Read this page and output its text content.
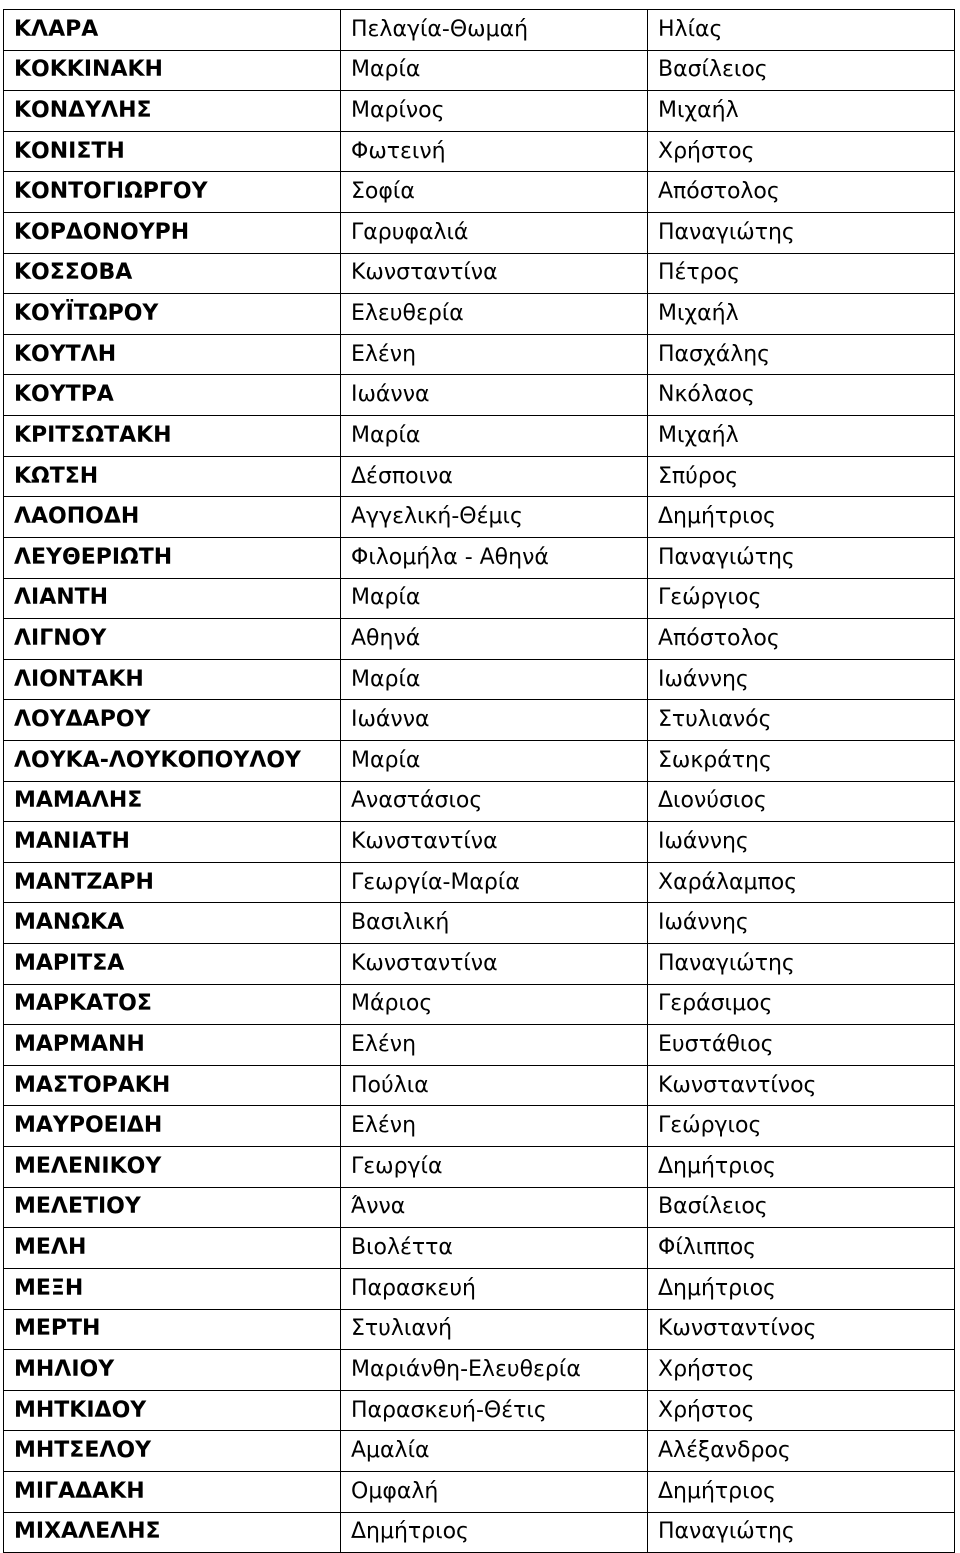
ΚΛΑΡΑ	Πελαγία-Θωμαή	Ηλίας
ΚΟΚΚΙΝΑΚΗ	Μαρία	Βασίλειος
ΚΟΝΔΥΛΗΣ	Μαρίνος	Μιχαήλ
ΚΟΝΙΣΤΗ	Φωτεινή	Χρήστος
ΚΟΝΤΟΓΙΩΡΓΟΥ	Σοφία	Απόστολος
ΚΟΡΔΟΝΟΥΡΗ	Γαρυφαλιά	Παναγιώτης
ΚΟΣΣΟΒΑ	Κωνσταντίνα	Πέτρος
ΚΟΥΪΤΩΡΟΥ	Ελευθερία	Μιχαήλ
ΚΟΥΤΛΗ	Ελένη	Πασχάλης
ΚΟΥΤΡΑ	Ιωάννα	Νκόλαος
ΚΡΙΤΣΩΤΑΚΗ	Μαρία	Μιχαήλ
ΚΩΤΣΗ	Δέσποινα	Σπύρος
ΛΑΟΠΟΔΗ	Αγγελική-Θέμις	Δημήτριος
ΛΕΥΘΕΡΙΩΤΗ	Φιλομήλα - Αθηνά	Παναγιώτης
ΛΙΑΝΤΗ	Μαρία	Γεώργιος
ΛΙΓΝΟΥ	Αθηνά	Απόστολος
ΛΙΟΝΤΑΚΗ	Μαρία	Ιωάννης
ΛΟΥΔΑΡΟΥ	Ιωάννα	Στυλιανός
ΛΟΥΚΑ-ΛΟΥΚΟΠΟΥΛΟΥ	Μαρία	Σωκράτης
ΜΑΜΑΛΗΣ	Αναστάσιος	Διονύσιος
ΜΑΝΙΑΤΗ	Κωνσταντίνα	Ιωάννης
ΜΑΝΤΖΑΡΗ	Γεωργία-Μαρία	Χαράλαμπος
ΜΑΝΩΚΑ	Βασιλική	Ιωάννης
ΜΑΡΙΤΣΑ	Κωνσταντίνα	Παναγιώτης
ΜΑΡΚΑΤΟΣ	Μάριος	Γεράσιμος
ΜΑΡΜΑΝΗ	Ελένη	Ευστάθιος
ΜΑΣΤΟΡΑΚΗ	Πούλια	Κωνσταντίνος
ΜΑΥΡΟΕΙΔΗ	Ελένη	Γεώργιος
ΜΕΛΕΝΙΚΟΥ	Γεωργία	Δημήτριος
ΜΕΛΕΤΙΟΥ	Άννα	Βασίλειος
ΜΕΛΗ	Βιολέττα	Φίλιππος
ΜΕΞΗ	Παρασκευή	Δημήτριος
ΜΕΡΤΗ	Στυλιανή	Κωνσταντίνος
ΜΗΛΙΟΥ	Μαριάνθη-Ελευθερία	Χρήστος
ΜΗΤΚΙΔΟΥ	Παρασκευή-Θέτις	Χρήστος
ΜΗΤΣΕΛΟΥ	Αμαλία	Αλέξανδρος
ΜΙΓΑΔΑΚΗ	Ομφαλή	Δημήτριος
ΜΙΧΑΛΕΛΗΣ	Δημήτριος	Παναγιώτης
